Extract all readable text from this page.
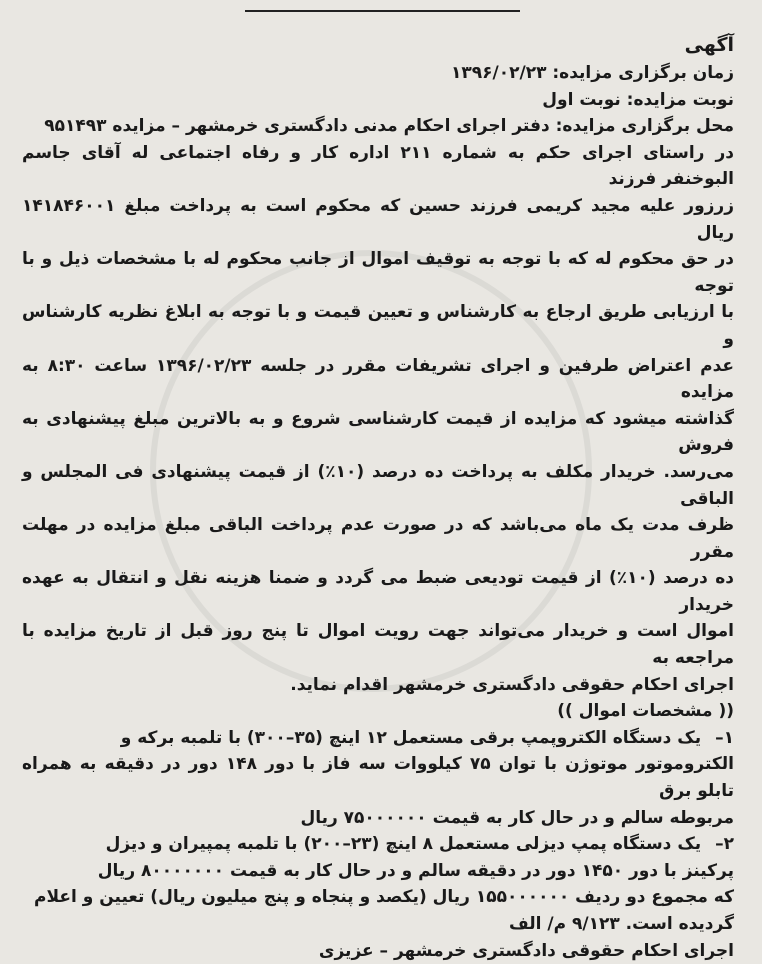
آگهی

زمان برگزاری مزایده: ۱۳۹۶/۰۲/۲۳

نوبت مزایده: نوبت اول

محل برگزاری مزایده: دفتر اجرای احکام مدنی دادگستری خرمشهر – مزایده ۹۵۱۴۹۳

در راستای اجرای حکم به شماره ۲۱۱ اداره کار و رفاه اجتماعی له آقای جاسم البوخنفر فرزند

زرزور علیه مجید کریمی فرزند حسین که محکوم است به پرداخت مبلغ ۱۴۱۸۴۶۰۰۱ ریال

در حق محکوم له که با توجه به توقیف اموال از جانب محکوم له با مشخصات ذیل و با توجه

با ارزیابی طریق ارجاع به کارشناس و تعیین قیمت و با توجه به ابلاغ نظریه کارشناس و

عدم اعتراض طرفین و اجرای تشریفات مقرر در جلسه ۱۳۹۶/۰۲/۲۳ ساعت ۸:۳۰ به مزایده

گذاشته میشود که مزایده از قیمت کارشناسی شروع و به بالاترین مبلغ پیشنهادی به فروش

می‌رسد. خریدار مکلف به پرداخت ده درصد (۱۰٪) از قیمت پیشنهادی فی المجلس و الباقی

ظرف مدت یک ماه می‌باشد که در صورت عدم پرداخت الباقی مبلغ مزایده در مهلت مقرر

ده درصد (۱۰٪) از قیمت تودیعی ضبط می گردد و ضمنا هزینه نقل و انتقال به عهده خریدار

اموال است و خریدار می‌تواند جهت رویت اموال تا پنج روز قبل از تاریخ مزایده با مراجعه به

اجرای احکام حقوقی دادگستری خرمشهر اقدام نماید.

(( مشخصات اموال ))

۱–
یک دستگاه الکتروپمپ برقی مستعمل ۱۲ اینچ (۳۵–۳۰۰) با تلمبه برکه و

الکتروموتور موتوژن با توان ۷۵ کیلووات سه فاز با دور ۱۴۸ دور در دقیقه به همراه تابلو برق

مربوطه سالم و در حال کار به قیمت ۷۵۰۰۰۰۰۰ ریال

۲–
یک دستگاه پمپ دیزلی مستعمل ۸ اینچ (۲۳–۲۰۰) با تلمبه پمپیران و دیزل

پرکینز با دور ۱۴۵۰ دور در دقیقه سالم و در حال کار به قیمت ۸۰۰۰۰۰۰۰ ریال

که مجموع دو ردیف ۱۵۵۰۰۰۰۰۰ ریال (یکصد و پنجاه و پنج میلیون ریال) تعیین و اعلام

گردیده است. ۹/۱۲۳ م/ الف

اجرای احکام حقوقی دادگستری خرمشهر – عزیزی
